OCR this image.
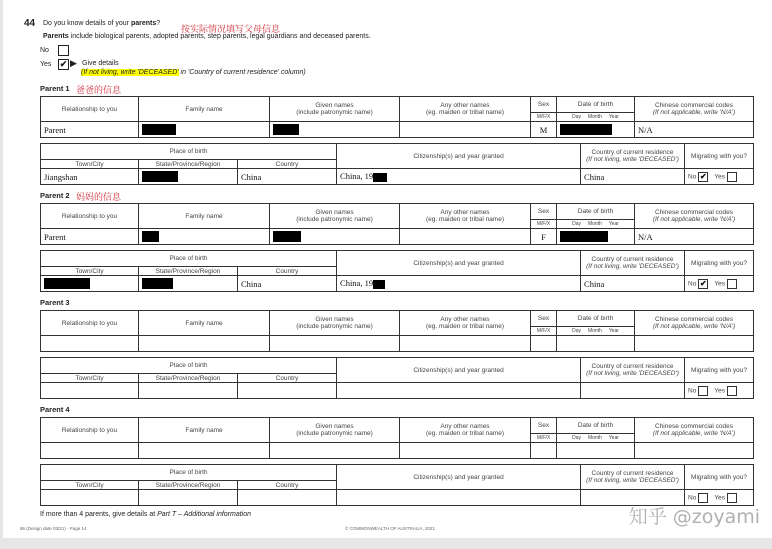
44 Do you know details of your parents?
按实际情况填写父母信息
Parents include biological parents, adopted parents, step parents, legal guardians and deceased parents.
No
Yes ✔ ▶ Give details
(If not living, write 'DECEASED' in 'Country of current residence' column)
Parent 1 爸爸的信息
Relationship to you	Family name	Given names
(include patronymic name)	Any other names
(eg. maiden or tribal name)	Sex	Date of birth	Chinese commercial codes
(If not applicable, write 'N/A')
				M/F/X	Day Month Year	
Parent				M		N/A
Place of birth			Citizenship(s) and year granted	Country of current residence
(If not living, write 'DECEASED')	Migrating with you?
Town/City	State/Province/Region	Country			
Jiangshan		China	China, 19	China	No ✔ Yes
Parent 2 妈妈的信息
Relationship to you	Family name	Given names
(include patronymic name)	Any other names
(eg. maiden or tribal name)	Sex	Date of birth	Chinese commercial codes
(If not applicable, write 'N/A')
				M/F/X	Day Month Year	
Parent				F		N/A
Place of birth			Citizenship(s) and year granted	Country of current residence
(If not living, write 'DECEASED')	Migrating with you?
Town/City	State/Province/Region	Country			
		China	China, 19	China	No ✔ Yes
Parent 3
Relationship to you	Family name	Given names
(include patronymic name)	Any other names
(eg. maiden or tribal name)	Sex	Date of birth	Chinese commercial codes
(If not applicable, write 'N/A')
				M/F/X	Day Month Year	

Place of birth			Citizenship(s) and year granted	Country of current residence
(If not living, write 'DECEASED')	Migrating with you?
Town/City	State/Province/Region	Country			
					No Yes
Parent 4
Relationship to you	Family name	Given names
(include patronymic name)	Any other names
(eg. maiden or tribal name)	Sex	Date of birth	Chinese commercial codes
(If not applicable, write 'N/A')
				M/F/X	Day Month Year	

Place of birth			Citizenship(s) and year granted	Country of current residence
(If not living, write 'DECEASED')	Migrating with you?
Town/City	State/Province/Region	Country			
					No Yes
If more than 4 parents, give details at Part T – Additional information
86 (Design date 03/21) - Page 14	© COMMONWEALTH OF AUSTRALIA, 2021
知乎 @zoyami
